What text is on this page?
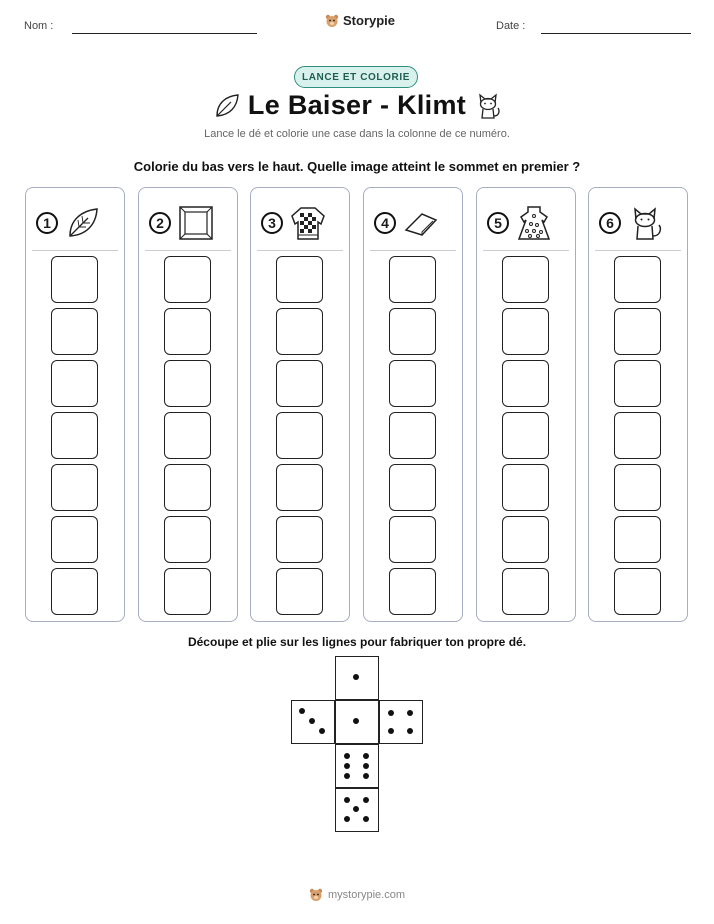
Nom :	Storypie	Date :
LANCE ET COLORIE
Le Baiser - Klimt
Lance le dé et colorie une case dans la colonne de ce numéro.
Colorie du bas vers le haut. Quelle image atteint le sommet en premier ?
1	2	3	4	5	6
Découpe et plie sur les lignes pour fabriquer ton propre dé.
mystorypie.com
